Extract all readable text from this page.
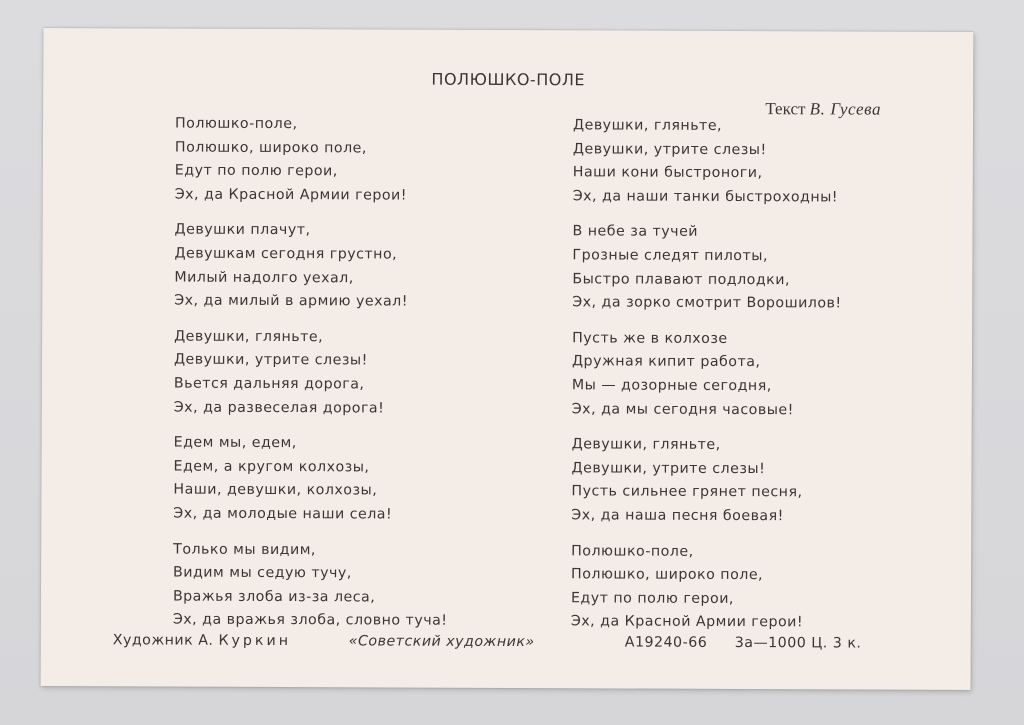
ПОЛЮШКО-ПОЛЕ
Текст В. Гусева
Полюшко-поле,
Полюшко, широко поле,
Едут по полю герои,
Эх, да Красной Армии герои!
Девушки плачут,
Девушкам сегодня грустно,
Милый надолго уехал,
Эх, да милый в армию уехал!
Девушки, гляньте,
Девушки, утрите слезы!
Вьется дальняя дорога,
Эх, да развеселая дорога!
Едем мы, едем,
Едем, а кругом колхозы,
Наши, девушки, колхозы,
Эх, да молодые наши села!
Только мы видим,
Видим мы седую тучу,
Вражья злоба из-за леса,
Эх, да вражья злоба, словно туча!
Девушки, гляньте,
Девушки, утрите слезы!
Наши кони быстроноги,
Эх, да наши танки быстроходны!
В небе за тучей
Грозные следят пилоты,
Быстро плавают подлодки,
Эх, да зорко смотрит Ворошилов!
Пусть же в колхозе
Дружная кипит работа,
Мы — дозорные сегодня,
Эх, да мы сегодня часовые!
Девушки, гляньте,
Девушки, утрите слезы!
Пусть сильнее грянет песня,
Эх, да наша песня боевая!
Полюшко-поле,
Полюшко, широко поле,
Едут по полю герои,
Эх, да Красной Армии герои!
Художник А. Куркин	«Советский художник»	А19240-66 3а—1000 Ц. 3 к.
